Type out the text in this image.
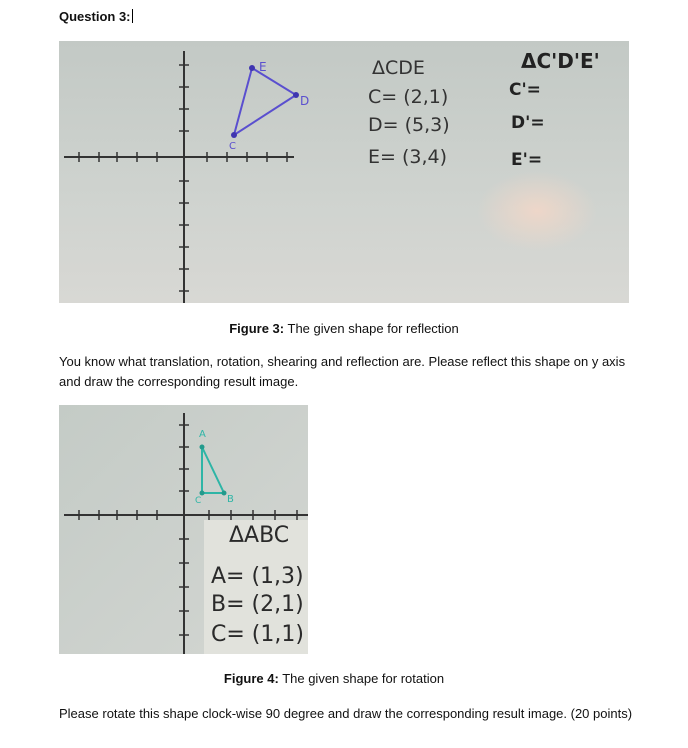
Question 3:
E
D
C
ΔCDE
C= (2,1)
D= (5,3)
E= (3,4)
ΔC'D'E'
C'=
D'=
E'=
Figure 3: The given shape for reflection
You know what translation, rotation, shearing and reflection are. Please reflect this shape on y axis and draw the corresponding result image.
A
B
C
ΔABC
A= (1,3)
B= (2,1)
C= (1,1)
Figure 4: The given shape for rotation
Please rotate this shape clock-wise 90 degree and draw the corresponding result image. (20 points)
